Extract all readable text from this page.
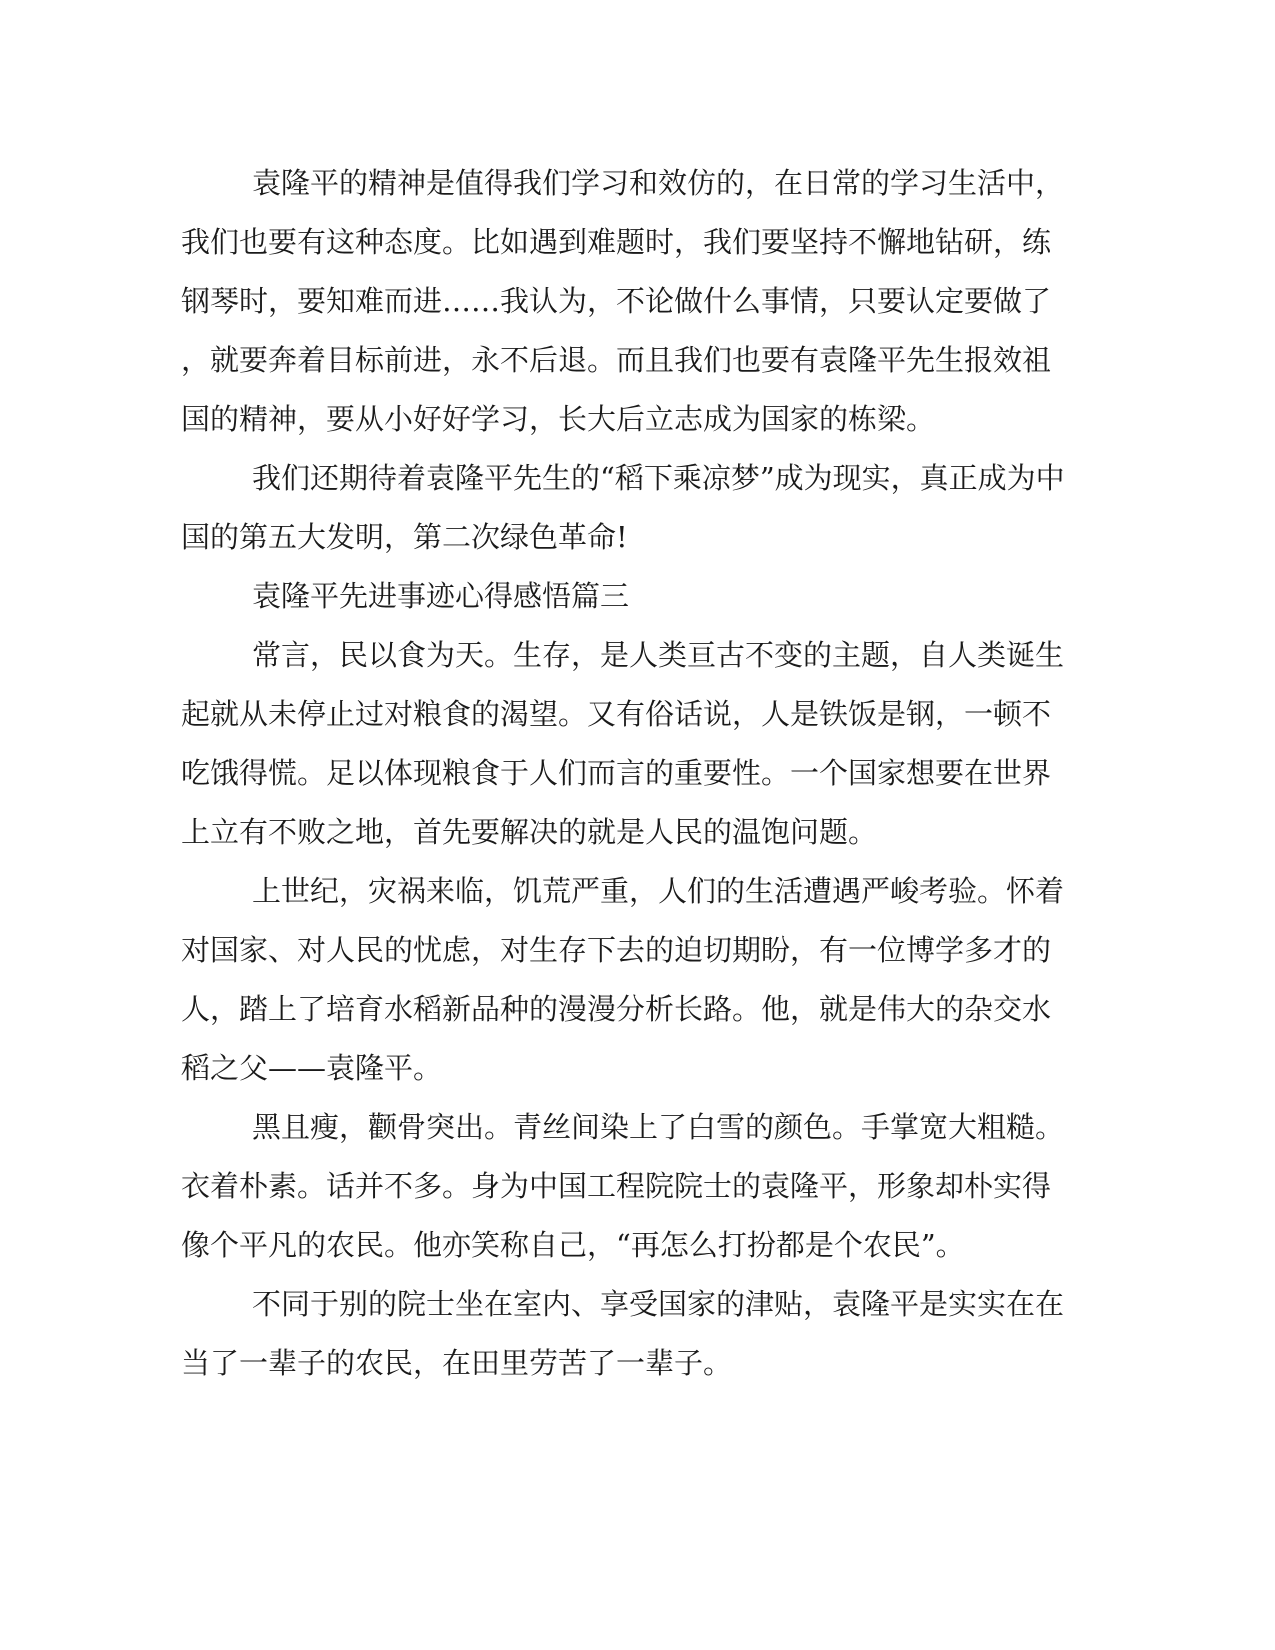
袁隆平的精神是值得我们学习和效仿的，在日常的学习生活中，

我们也要有这种态度。比如遇到难题时，我们要坚持不懈地钻研，练

钢琴时，要知难而进……我认为，不论做什么事情，只要认定要做了

，就要奔着目标前进，永不后退。而且我们也要有袁隆平先生报效祖

国的精神，要从小好好学习，长大后立志成为国家的栋梁。

我们还期待着袁隆平先生的“稻下乘凉梦”成为现实，真正成为中

国的第五大发明，第二次绿色革命!

袁隆平先进事迹心得感悟篇三

常言，民以食为天。生存，是人类亘古不变的主题，自人类诞生

起就从未停止过对粮食的渴望。又有俗话说，人是铁饭是钢，一顿不

吃饿得慌。足以体现粮食于人们而言的重要性。一个国家想要在世界

上立有不败之地，首先要解决的就是人民的温饱问题。

上世纪，灾祸来临，饥荒严重，人们的生活遭遇严峻考验。怀着

对国家、对人民的忧虑，对生存下去的迫切期盼，有一位博学多才的

人，踏上了培育水稻新品种的漫漫分析长路。他，就是伟大的杂交水

稻之父——袁隆平。

黑且瘦，颧骨突出。青丝间染上了白雪的颜色。手掌宽大粗糙。

衣着朴素。话并不多。身为中国工程院院士的袁隆平，形象却朴实得

像个平凡的农民。他亦笑称自己，“再怎么打扮都是个农民”。

不同于别的院士坐在室内、享受国家的津贴，袁隆平是实实在在

当了一辈子的农民，在田里劳苦了一辈子。
